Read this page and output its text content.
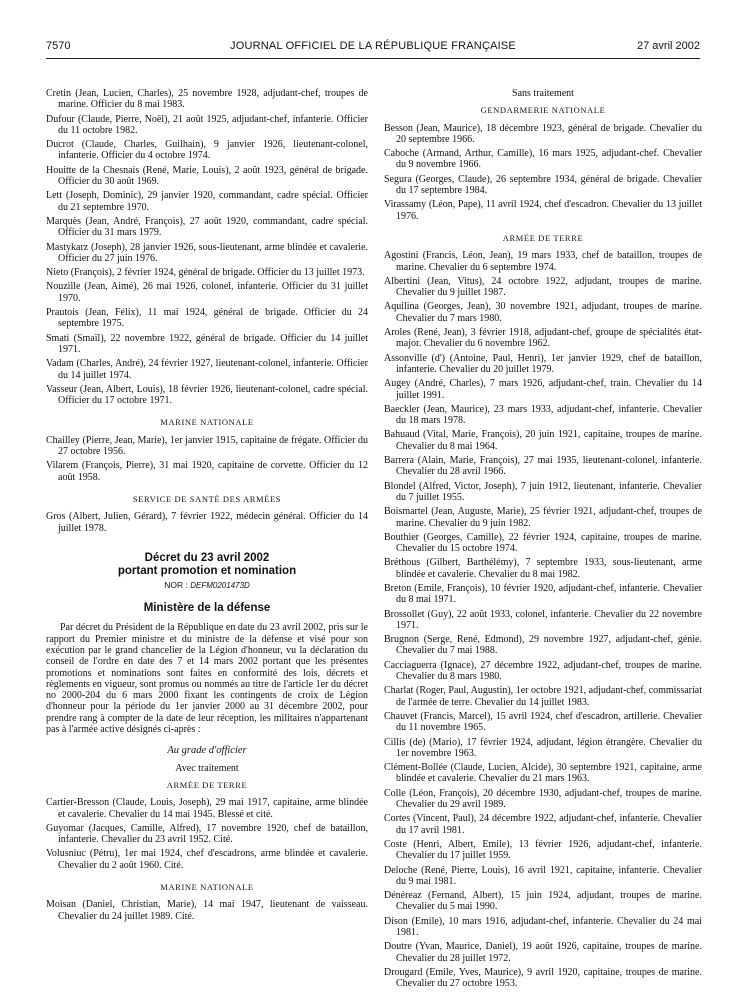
7570	JOURNAL OFFICIEL DE LA RÉPUBLIQUE FRANÇAISE	27 avril 2002

Cretin (Jean, Lucien, Charles), 25 novembre 1928, adjudant-chef, troupes de marine. Officier du 8 mai 1983.

Dufour (Claude, Pierre, Noël), 21 août 1925, adjudant-chef, infanterie. Officier du 11 octobre 1982.

Ducrot (Claude, Charles, Guilhain), 9 janvier 1926, lieutenant-colonel, infanterie. Officier du 4 octobre 1974.

Houitte de la Chesnais (René, Marie, Louis), 2 août 1923, général de brigade. Officier du 30 août 1969.

Lett (Joseph, Dominic), 29 janvier 1920, commandant, cadre spécial. Officier du 21 septembre 1970.

Marquès (Jean, André, François), 27 août 1920, commandant, cadre spécial. Officier du 31 mars 1979.

Mastykarz (Joseph), 28 janvier 1926, sous-lieutenant, arme blindée et cavalerie. Officier du 27 juin 1976.

Nieto (François), 2 février 1924, général de brigade. Officier du 13 juillet 1973.

Nouzille (Jean, Aimé), 26 mai 1926, colonel, infanterie. Officier du 31 juillet 1970.

Prautois (Jean, Félix), 11 mai 1924, général de brigade. Officier du 24 septembre 1975.

Smati (Smaïl), 22 novembre 1922, général de brigade. Officier du 14 juillet 1971.

Vadam (Charles, André), 24 février 1927, lieutenant-colonel, infanterie. Officier du 14 juillet 1974.

Vasseur (Jean, Albert, Louis), 18 février 1926, lieutenant-colonel, cadre spécial. Officier du 17 octobre 1971.

MARINE NATIONALE

Chailley (Pierre, Jean, Marie), 1er janvier 1915, capitaine de frégate. Officier du 27 octobre 1956.

Vilarem (François, Pierre), 31 mai 1920, capitaine de corvette. Officier du 12 août 1958.

SERVICE DE SANTÉ DES ARMÉES

Gros (Albert, Julien, Gérard), 7 février 1922, médecin général. Officier du 14 juillet 1978.

Décret du 23 avril 2002
portant promotion et nomination
NOR : DEFM0201473D
Ministère de la défense

Par décret du Président de la République en date du 23 avril 2002, pris sur le rapport du Premier ministre et du ministre de la défense et visé pour son exécution par le grand chancelier de la Légion d'honneur, vu la déclaration du conseil de l'ordre en date des 7 et 14 mars 2002 portant que les présentes promotions et nominations sont faites en conformité des lois, décrets et règlements en vigueur, sont promus ou nommés au titre de l'article 1er du décret no 2000-204 du 6 mars 2000 fixant les contingents de croix de Légion d'honneur pour la période du 1er janvier 2000 au 31 décembre 2002, pour prendre rang à compter de la date de leur réception, les militaires n'appartenant pas à l'armée active désignés ci-après :

Au grade d'officier
Avec traitement
ARMÉE DE TERRE

Cartier-Bresson (Claude, Louis, Joseph), 29 mai 1917, capitaine, arme blindée et cavalerie. Chevalier du 14 mai 1945. Blessé et cité.

Guyomar (Jacques, Camille, Alfred), 17 novembre 1920, chef de bataillon, infanterie. Chevalier du 23 avril 1952. Cité.

Volusniuc (Pétru), 1er mai 1924, chef d'escadrons, arme blindée et cavalerie. Chevalier du 2 août 1960. Cité.

MARINE NATIONALE

Moisan (Daniel, Christian, Marie), 14 mai 1947, lieutenant de vaisseau. Chevalier du 24 juillet 1989. Cité.

Sans traitement
GENDARMERIE NATIONALE

Besson (Jean, Maurice), 18 décembre 1923, général de brigade. Chevalier du 20 septembre 1966.

Caboche (Armand, Arthur, Camille), 16 mars 1925, adjudant-chef. Chevalier du 9 novembre 1966.

Segura (Georges, Claude), 26 septembre 1934, général de brigade. Chevalier du 17 septembre 1984.

Virassamy (Léon, Pape), 11 avril 1924, chef d'escadron. Chevalier du 13 juillet 1976.

ARMÉE DE TERRE

Agostini (Francis, Léon, Jean), 19 mars 1933, chef de bataillon, troupes de marine. Chevalier du 6 septembre 1974.

Albertini (Jean, Vitus), 24 octobre 1922, adjudant, troupes de marine. Chevalier du 9 juillet 1987.

Aquilina (Georges, Jean), 30 novembre 1921, adjudant, troupes de marine. Chevalier du 7 mars 1980.

Aroles (René, Jean), 3 février 1918, adjudant-chef, groupe de spécialités état-major. Chevalier du 6 novembre 1962.

Assonville (d') (Antoine, Paul, Henri), 1er janvier 1929, chef de bataillon, infanterie. Chevalier du 20 juillet 1979.

Augey (André, Charles), 7 mars 1926, adjudant-chef, train. Chevalier du 14 juillet 1991.

Baeckler (Jean, Maurice), 23 mars 1933, adjudant-chef, infanterie. Chevalier du 18 mars 1978.

Bahuaud (Vital, Marie, François), 20 juin 1921, capitaine, troupes de marine. Chevalier du 8 mai 1964.

Barrera (Alain, Marie, François), 27 mai 1935, lieutenant-colonel, infanterie. Chevalier du 28 avril 1966.

Blondel (Alfred, Victor, Joseph), 7 juin 1912, lieutenant, infanterie. Chevalier du 7 juillet 1955.

Boismartel (Jean, Auguste, Marie), 25 février 1921, adjudant-chef, troupes de marine. Chevalier du 9 juin 1982.

Bouthier (Georges, Camille), 22 février 1924, capitaine, troupes de marine. Chevalier du 15 octobre 1974.

Bréthous (Gilbert, Barthélémy), 7 septembre 1933, sous-lieutenant, arme blindée et cavalerie. Chevalier du 8 mai 1982.

Breton (Emile, François), 10 février 1920, adjudant-chef, infanterie. Chevalier du 8 mai 1971.

Brossollet (Guy), 22 août 1933, colonel, infanterie. Chevalier du 22 novembre 1971.

Brugnon (Serge, René, Edmond), 29 novembre 1927, adjudant-chef, génie. Chevalier du 7 mai 1988.

Cacciaguerra (Ignace), 27 décembre 1922, adjudant-chef, troupes de marine. Chevalier du 8 mars 1980.

Charlat (Roger, Paul, Augustin), 1er octobre 1921, adjudant-chef, commissariat de l'armée de terre. Chevalier du 14 juillet 1983.

Chauvet (Francis, Marcel), 15 avril 1924, chef d'escadron, artillerie. Chevalier du 11 novembre 1965.

Cillis (de) (Mario), 17 février 1924, adjudant, légion étrangère. Chevalier du 1er novembre 1963.

Clément-Bollée (Claude, Lucien, Alcide), 30 septembre 1921, capitaine, arme blindée et cavalerie. Chevalier du 21 mars 1963.

Colle (Léon, François), 20 décembre 1930, adjudant-chef, troupes de marine. Chevalier du 29 avril 1989.

Cortes (Vincent, Paul), 24 décembre 1922, adjudant-chef, infanterie. Chevalier du 17 avril 1981.

Coste (Henri, Albert, Emile), 13 février 1926, adjudant-chef, infanterie. Chevalier du 17 juillet 1959.

Deloche (René, Pierre, Louis), 16 avril 1921, capitaine, infanterie. Chevalier du 9 mai 1981.

Dénéreaz (Fernand, Albert), 15 juin 1924, adjudant, troupes de marine. Chevalier du 5 mai 1990.

Dison (Emile), 10 mars 1916, adjudant-chef, infanterie. Chevalier du 24 mai 1981.

Doutre (Yvan, Maurice, Daniel), 19 août 1926, capitaine, troupes de marine. Chevalier du 28 juillet 1972.

Drougard (Emile, Yves, Maurice), 9 avril 1920, capitaine, troupes de marine. Chevalier du 27 octobre 1953.
